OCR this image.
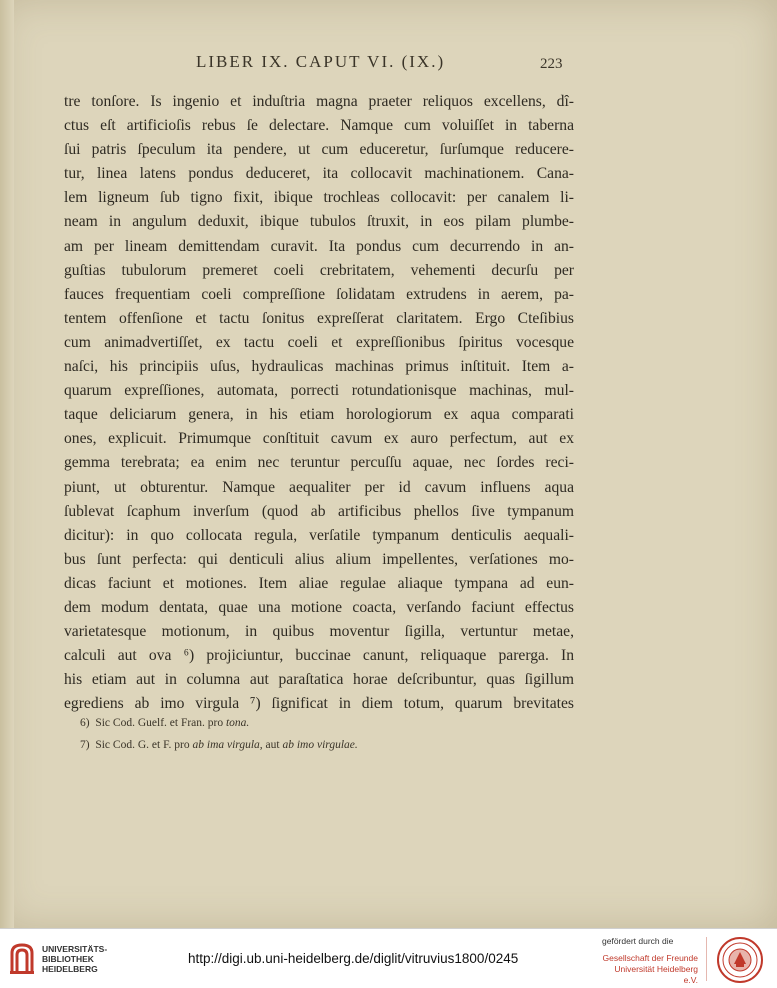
LIBER IX. CAPUT VI. (IX.)	223
tre tonſore. Is ingenio et induſtria magna praeter reliquos excellens, dî-
ctus eſt artificioſis rebus ſe delectare. Namque cum voluiſſet in taberna
ſui patris ſpeculum ita pendere, ut cum educeretur, ſurſumque reducere-
tur, linea latens pondus deduceret, ita collocavit machinationem. Cana-
lem ligneum ſub tigno fixit, ibique trochleas collocavit: per canalem li-
neam in angulum deduxit, ibique tubulos ſtruxit, in eos pilam plumbe-
am per lineam demittendam curavit. Ita pondus cum decurrendo in an-
guſtias tubulorum premeret coeli crebritatem, vehementi decurſu per
fauces frequentiam coeli compreſſione ſolidatam extrudens in aerem, pa-
tentem offenſione et tactu ſonitus expreſſerat claritatem. Ergo Cteſibius
cum animadvertiſſet, ex tactu coeli et expreſſionibus ſpiritus vocesque
naſci, his principiis uſus, hydraulicas machinas primus inſtituit. Item a-
quarum expreſſiones, automata, porrecti rotundationisque machinas, mul-
taque deliciarum genera, in his etiam horologiorum ex aqua comparati
ones, explicuit. Primumque conſtituit cavum ex auro perfectum, aut ex
gemma terebrata; ea enim nec teruntur percuſſu aquae, nec ſordes reci-
piunt, ut obturentur. Namque aequaliter per id cavum influens aqua
ſublevat ſcaphum inverſum (quod ab artificibus phellos ſive tympanum
dicitur): in quo collocata regula, verſatile tympanum denticulis aequali-
bus ſunt perfecta: qui denticuli alius alium impellentes, verſationes mo-
dicas faciunt et motiones. Item aliae regulae aliaque tympana ad eun-
dem modum dentata, quae una motione coacta, verſando faciunt effectus
varietatesque motionum, in quibus moventur ſigilla, vertuntur metae,
calculi aut ova ⁶) projiciuntur, buccinae canunt, reliquaque parerga. In
his etiam aut in columna aut paraſtatica horae deſcribuntur, quas ſigillum
egrediens ab imo virgula ⁷) ſignificat in diem totum, quarum brevitates
6) Sic Cod. Guelf. et Fran. pro tona.
7) Sic Cod. G. et F. pro ab ima virgula, aut ab imo virgulae.
UNIVERSITÄTS-
BIBLIOTHEK
HEIDELBERG
http://digi.ub.uni-heidelberg.de/diglit/vitruvius1800/0245
gefördert durch die
Gesellschaft der Freunde
Universität Heidelberg e.V.
